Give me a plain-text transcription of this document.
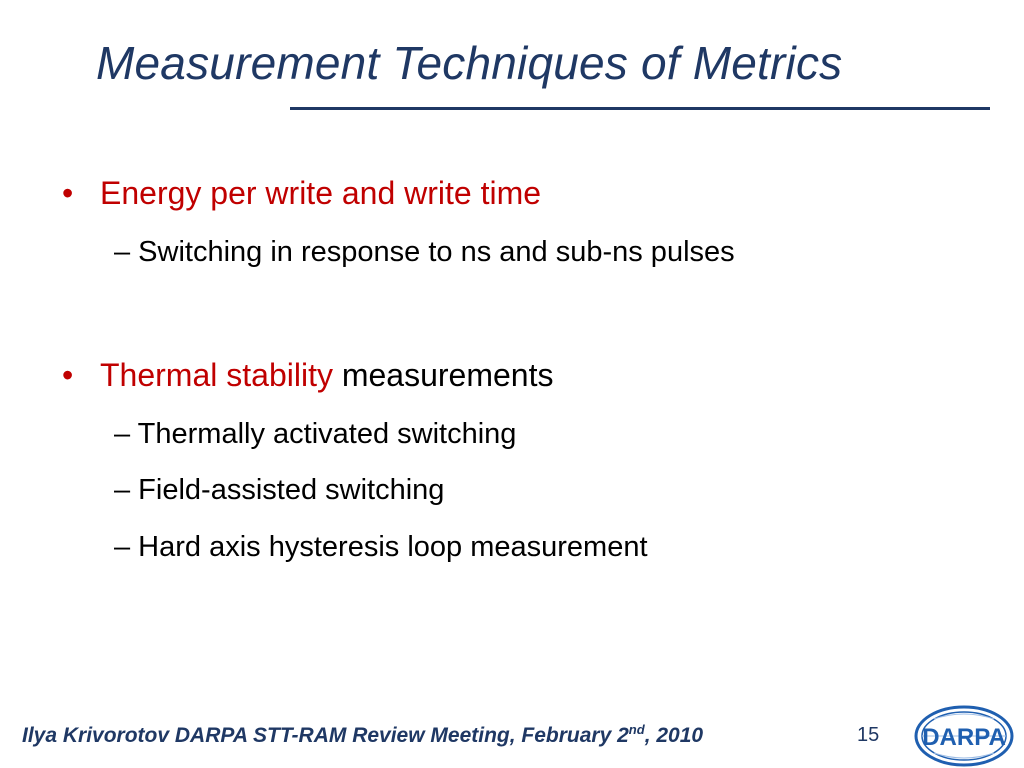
Measurement Techniques of Metrics
• Energy per write and write time
– Switching in response to ns and sub-ns pulses
• Thermal stability measurements
– Thermally activated switching
– Field-assisted switching
– Hard axis hysteresis loop measurement
Ilya Krivorotov DARPA STT-RAM Review Meeting, February 2nd, 2010	15 DARPA
